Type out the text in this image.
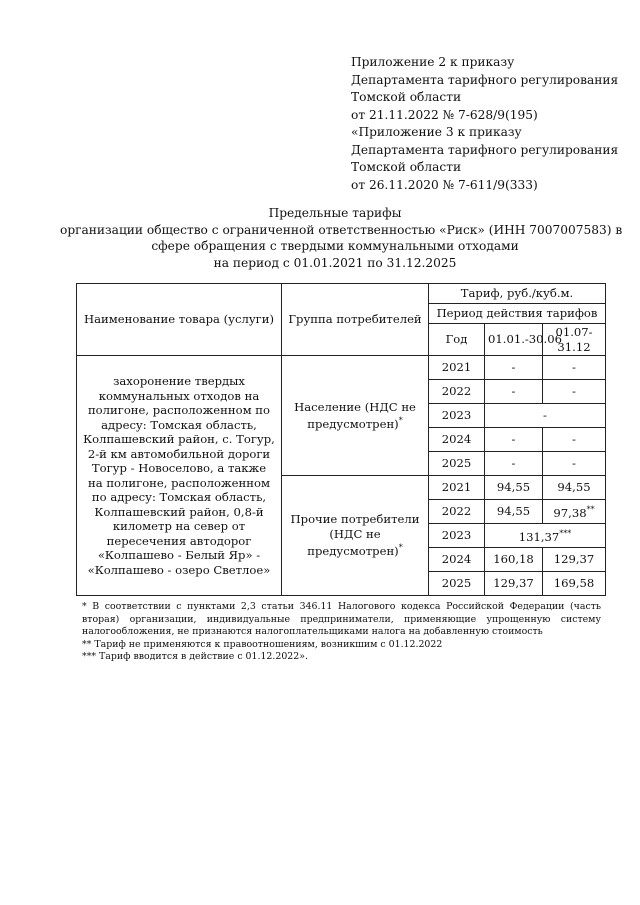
Приложение 2 к приказу
Департамента тарифного регулирования
Томской области
от 21.11.2022 № 7-628/9(195)
«Приложение 3 к приказу
Департамента тарифного регулирования
Томской области
от 26.11.2020 № 7-611/9(333)
Предельные тарифы
организации общество с ограниченной ответственностью «Риск» (ИНН 7007007583) в
сфере обращения с твердыми коммунальными отходами
на период с 01.01.2021 по 31.12.2025
Наименование товара (услуги)	Группа потребителей	Тариф, руб./куб.м.		
		Период действия тарифов		
		Год	01.01.-30.06	01.07-31.12
захоронение твердых коммунальных отходов на полигоне, расположенном по адресу: Томская область, Колпашевский район, с. Тогур, 2-й км автомобильной дороги Тогур - Новоселово, а также на полигоне, расположенном по адресу: Томская область, Колпашевский район, 0,8-й километр на север от пересечения автодорог «Колпашево - Белый Яр» - «Колпашево - озеро Светлое»	Население (НДС не предусмотрен)*	2021	-	-
		2022	-	-
		2023	-	
		2024	-	-
		2025	-	-
	Прочие потребители (НДС не предусмотрен)*	2021	94,55	94,55
		2022	94,55	97,38**
		2023	131,37***
		2024	160,18	129,37
		2025	129,37	169,58

* В соответствии с пунктами 2,3 статьи 346.11 Налогового кодекса Российской Федерации (часть вторая) организации, индивидуальные предприниматели, применяющие упрощенную систему налогообложения, не признаются налогоплательщиками налога на добавленную стоимость

** Тариф не применяются к правоотношениям, возникшим с 01.12.2022

*** Тариф вводится в действие с 01.12.2022».
